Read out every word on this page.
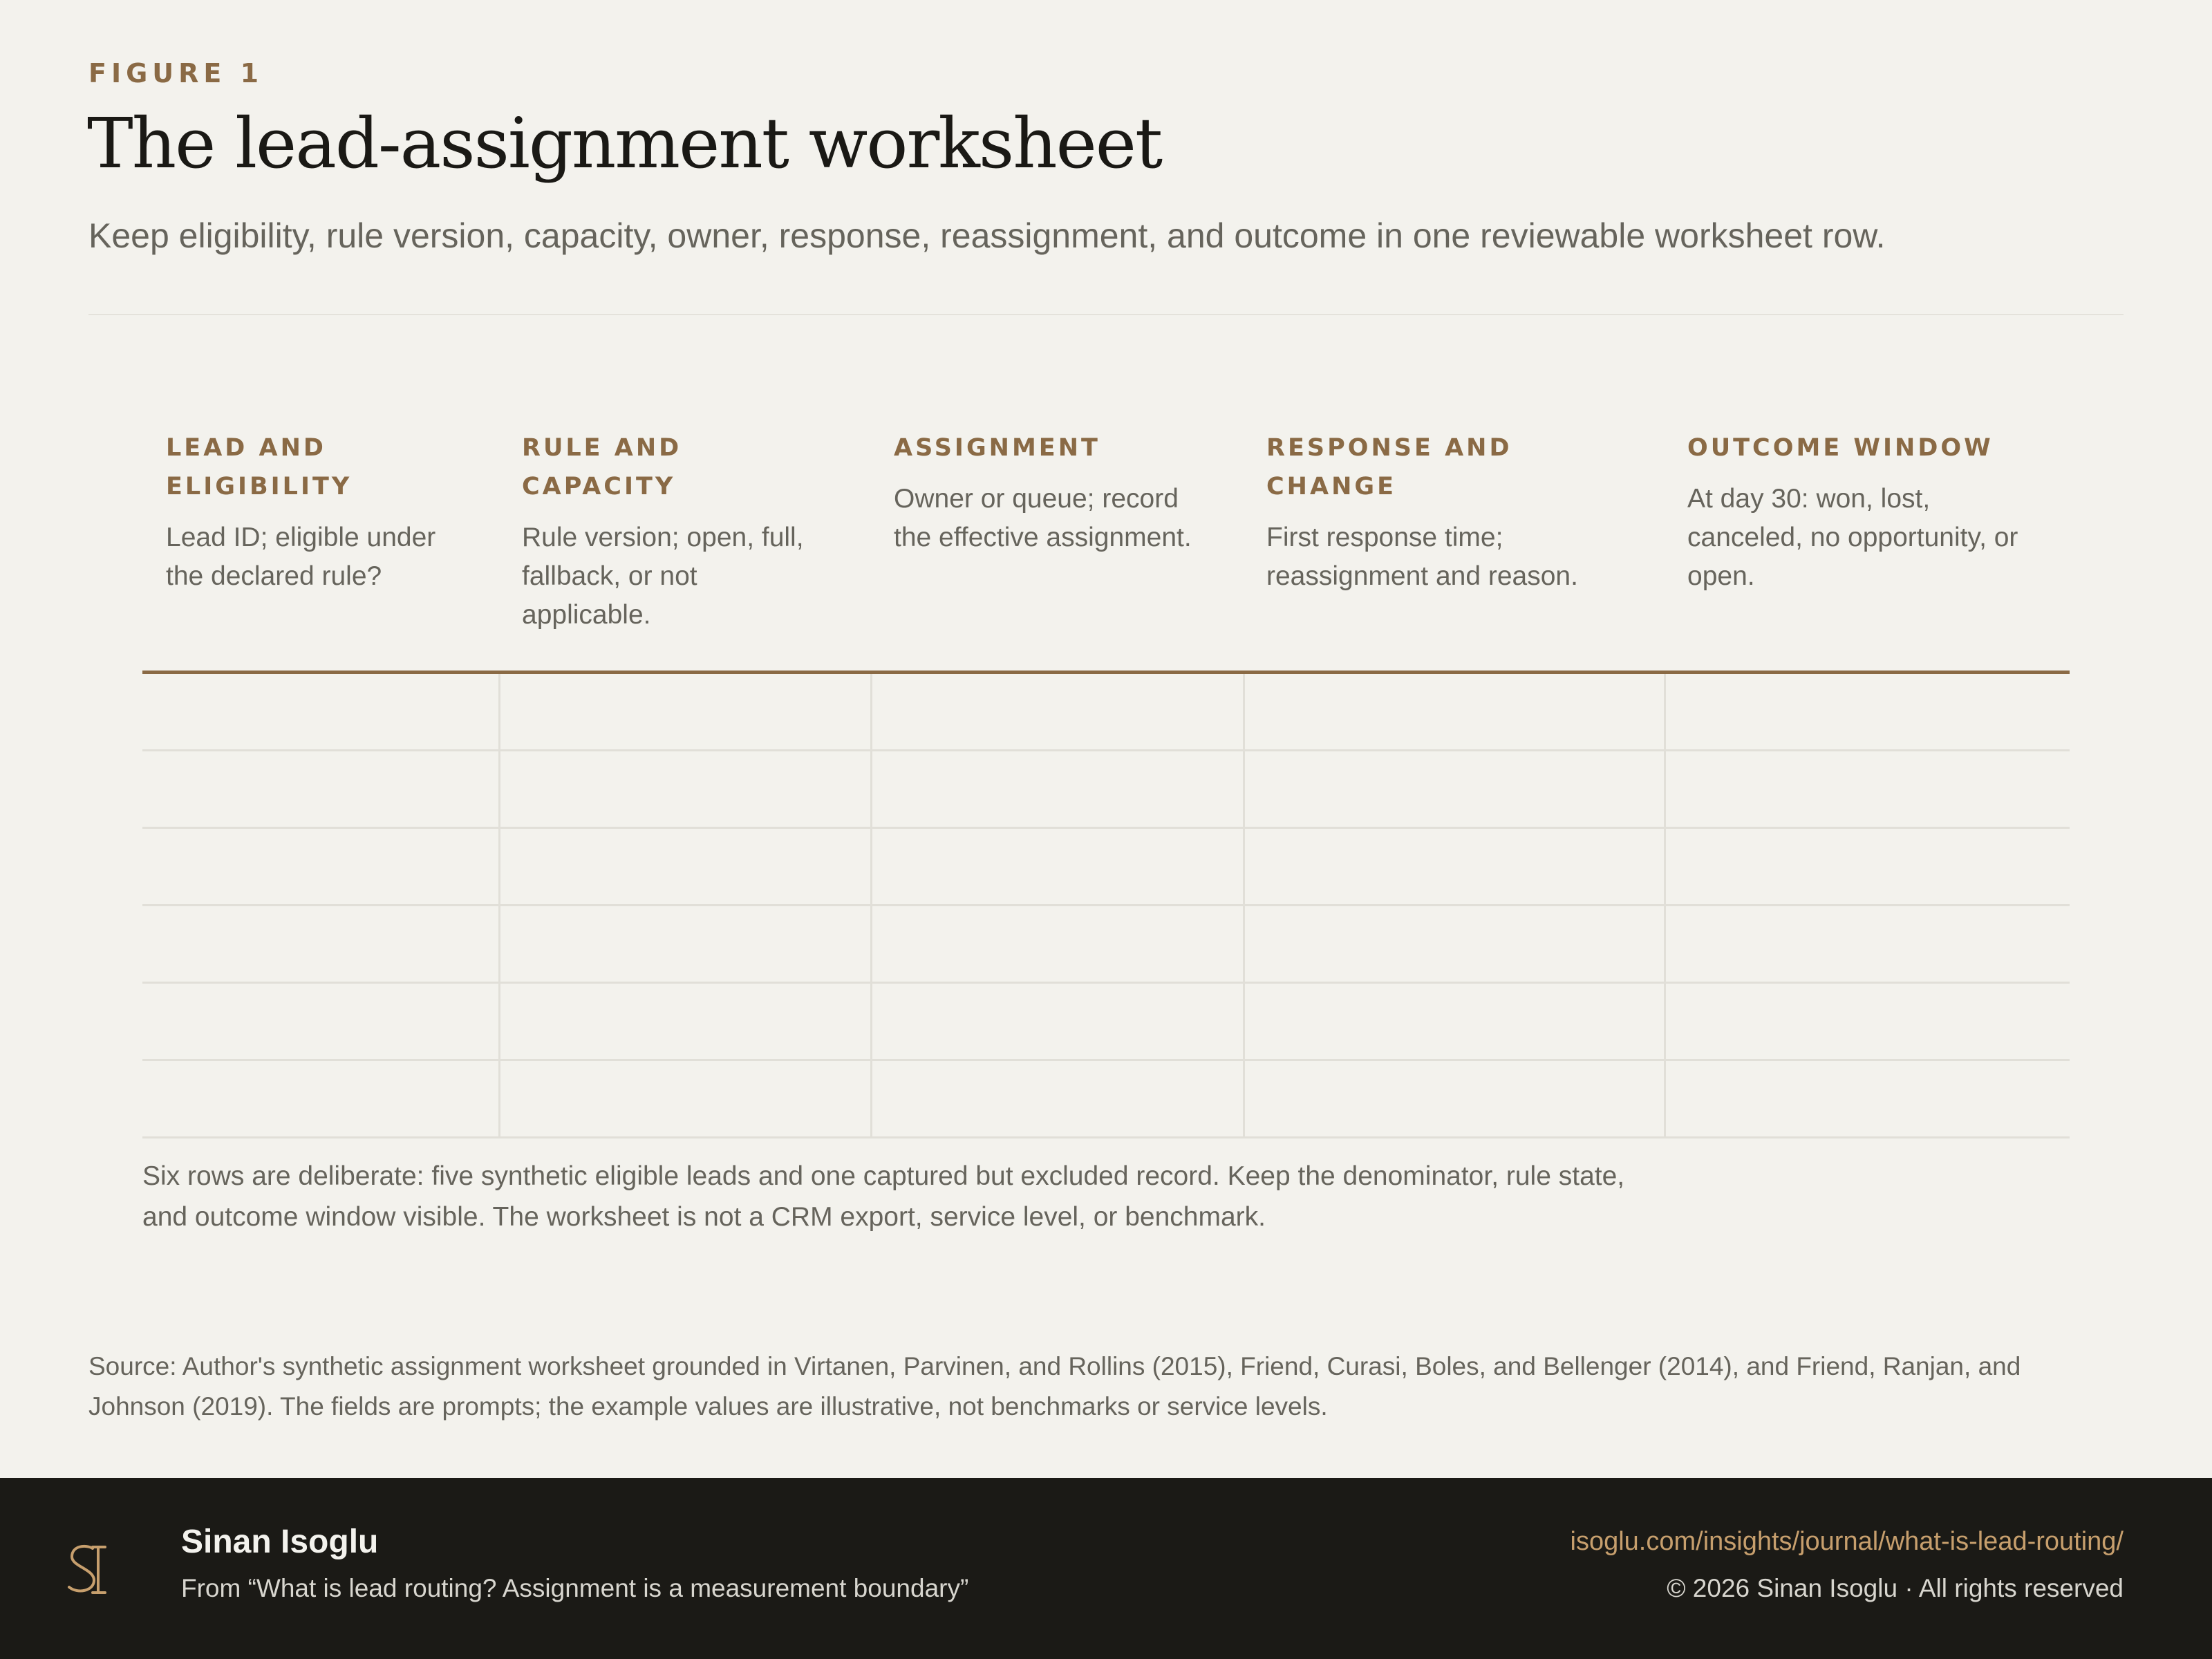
FIGURE 1
The lead-assignment worksheet
Keep eligibility, rule version, capacity, owner, response, reassignment, and outcome in one reviewable worksheet row.
LEAD AND ELIGIBILITY
Lead ID; eligible under the declared rule?
RULE AND CAPACITY
Rule version; open, full, fallback, or not applicable.
ASSIGNMENT
Owner or queue; record the effective assignment.
RESPONSE AND CHANGE
First response time; reassignment and reason.
OUTCOME WINDOW
At day 30: won, lost, canceled, no opportunity, or open.
Six rows are deliberate: five synthetic eligible leads and one captured but excluded record. Keep the denominator, rule state, and outcome window visible. The worksheet is not a CRM export, service level, or benchmark.
Source: Author's synthetic assignment worksheet grounded in Virtanen, Parvinen, and Rollins (2015), Friend, Curasi, Boles, and Bellenger (2014), and Friend, Ranjan, and Johnson (2019). The fields are prompts; the example values are illustrative, not benchmarks or service levels.
Sinan Isoglu
From “What is lead routing? Assignment is a measurement boundary”
isoglu.com/insights/journal/what-is-lead-routing/
© 2026 Sinan Isoglu · All rights reserved
